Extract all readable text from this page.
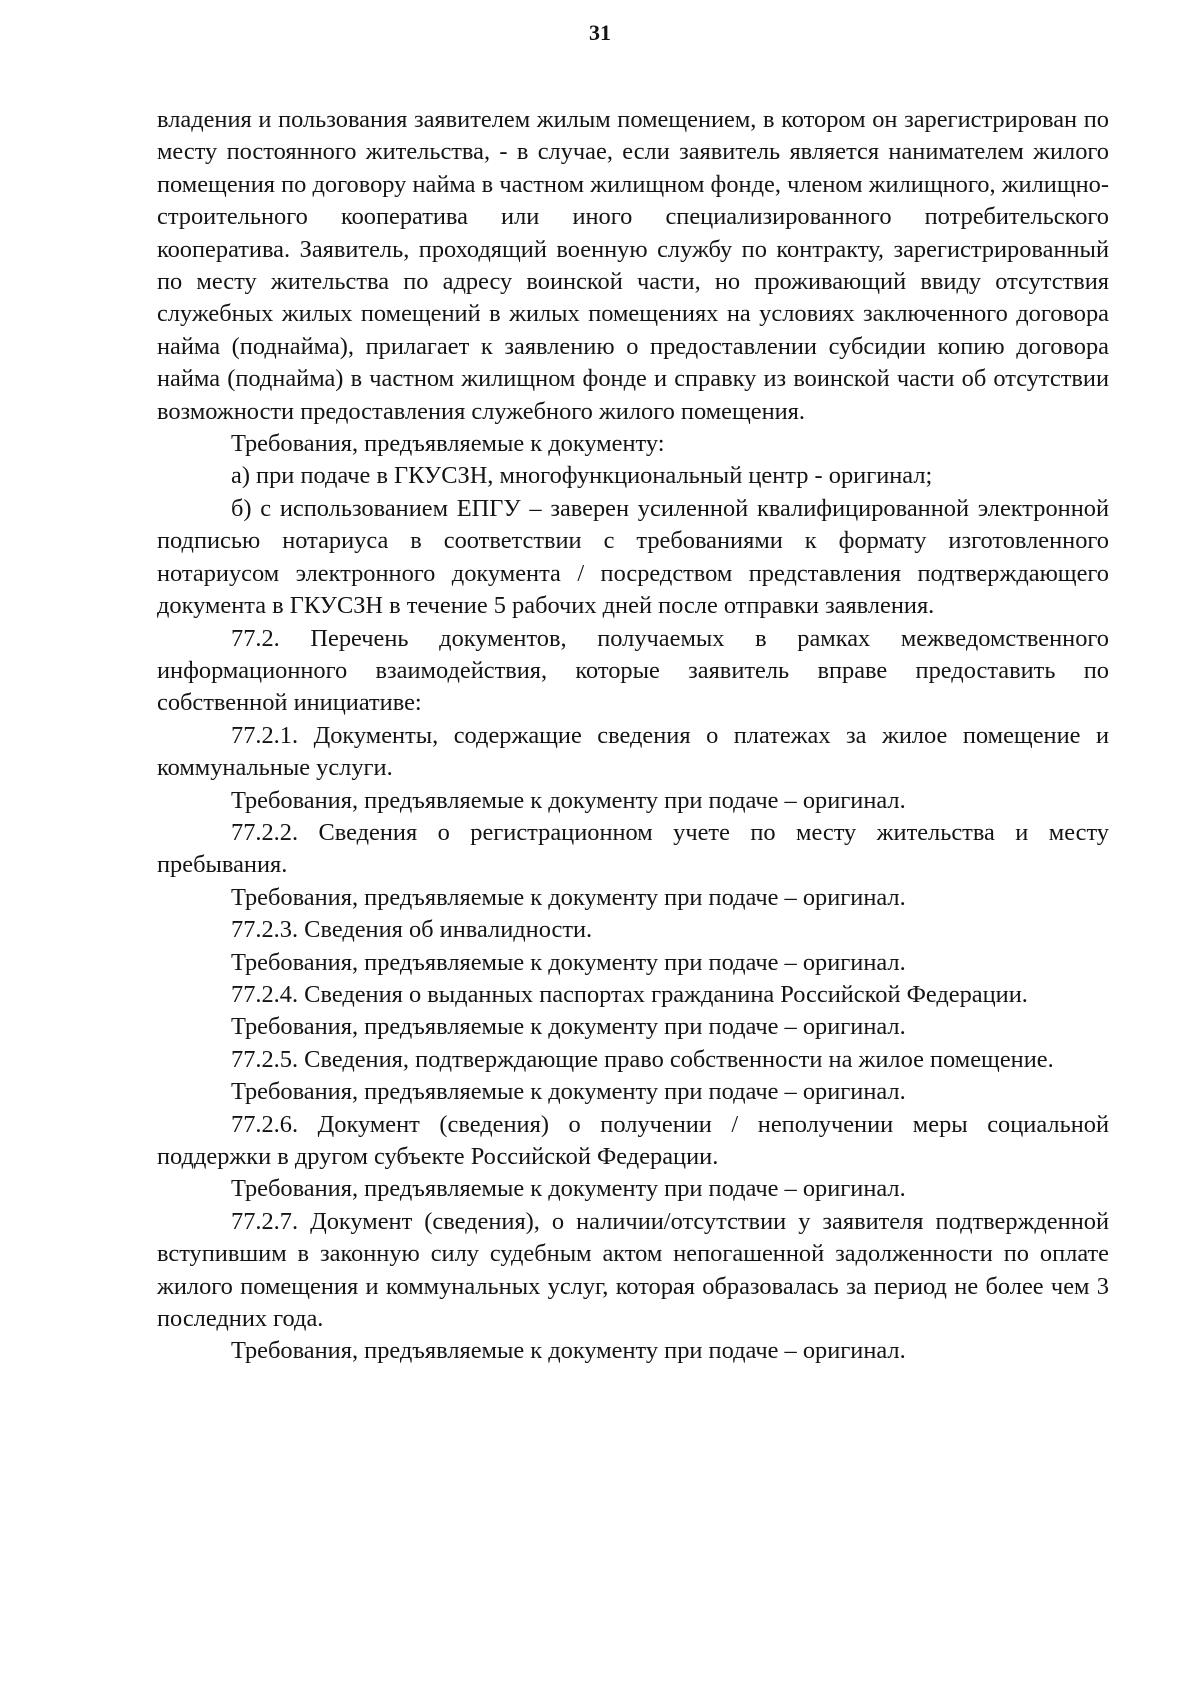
31

владения и пользования заявителем жилым помещением, в котором он зарегистрирован по месту постоянного жительства, - в случае, если заявитель является нанимателем жилого помещения по договору найма в частном жилищном фонде, членом жилищного, жилищно-строительного кооператива или иного специализированного потребительского кооператива. Заявитель, проходящий военную службу по контракту, зарегистрированный по месту жительства по адресу воинской части, но проживающий ввиду отсутствия служебных жилых помещений в жилых помещениях на условиях заключенного договора найма (поднайма), прилагает к заявлению о предоставлении субсидии копию договора найма (поднайма) в частном жилищном фонде и справку из воинской части об отсутствии возможности предоставления служебного жилого помещения.

Требования, предъявляемые к документу:

а) при подаче в ГКУСЗН, многофункциональный центр - оригинал;

б) с использованием ЕПГУ – заверен усиленной квалифицированной электронной подписью нотариуса в соответствии с требованиями к формату изготовленного нотариусом электронного документа / посредством представления подтверждающего документа в ГКУСЗН в течение 5 рабочих дней после отправки заявления.

77.2. Перечень документов, получаемых в рамках межведомственного информационного взаимодействия, которые заявитель вправе предоставить по собственной инициативе:

77.2.1. Документы, содержащие сведения о платежах за жилое помещение и коммунальные услуги.

Требования, предъявляемые к документу при подаче – оригинал.

77.2.2. Сведения о регистрационном учете по месту жительства и месту пребывания.

Требования, предъявляемые к документу при подаче – оригинал.

77.2.3. Сведения об инвалидности.

Требования, предъявляемые к документу при подаче – оригинал.

77.2.4. Сведения о выданных паспортах гражданина Российской Федерации.

Требования, предъявляемые к документу при подаче – оригинал.

77.2.5. Сведения, подтверждающие право собственности на жилое помещение.

Требования, предъявляемые к документу при подаче – оригинал.

77.2.6. Документ (сведения) о получении / неполучении меры социальной поддержки в другом субъекте Российской Федерации.

Требования, предъявляемые к документу при подаче – оригинал.

77.2.7. Документ (сведения), о наличии/отсутствии у заявителя подтвержденной вступившим в законную силу судебным актом непогашенной задолженности по оплате жилого помещения и коммунальных услуг, которая образовалась за период не более чем 3 последних года.

Требования, предъявляемые к документу при подаче – оригинал.
